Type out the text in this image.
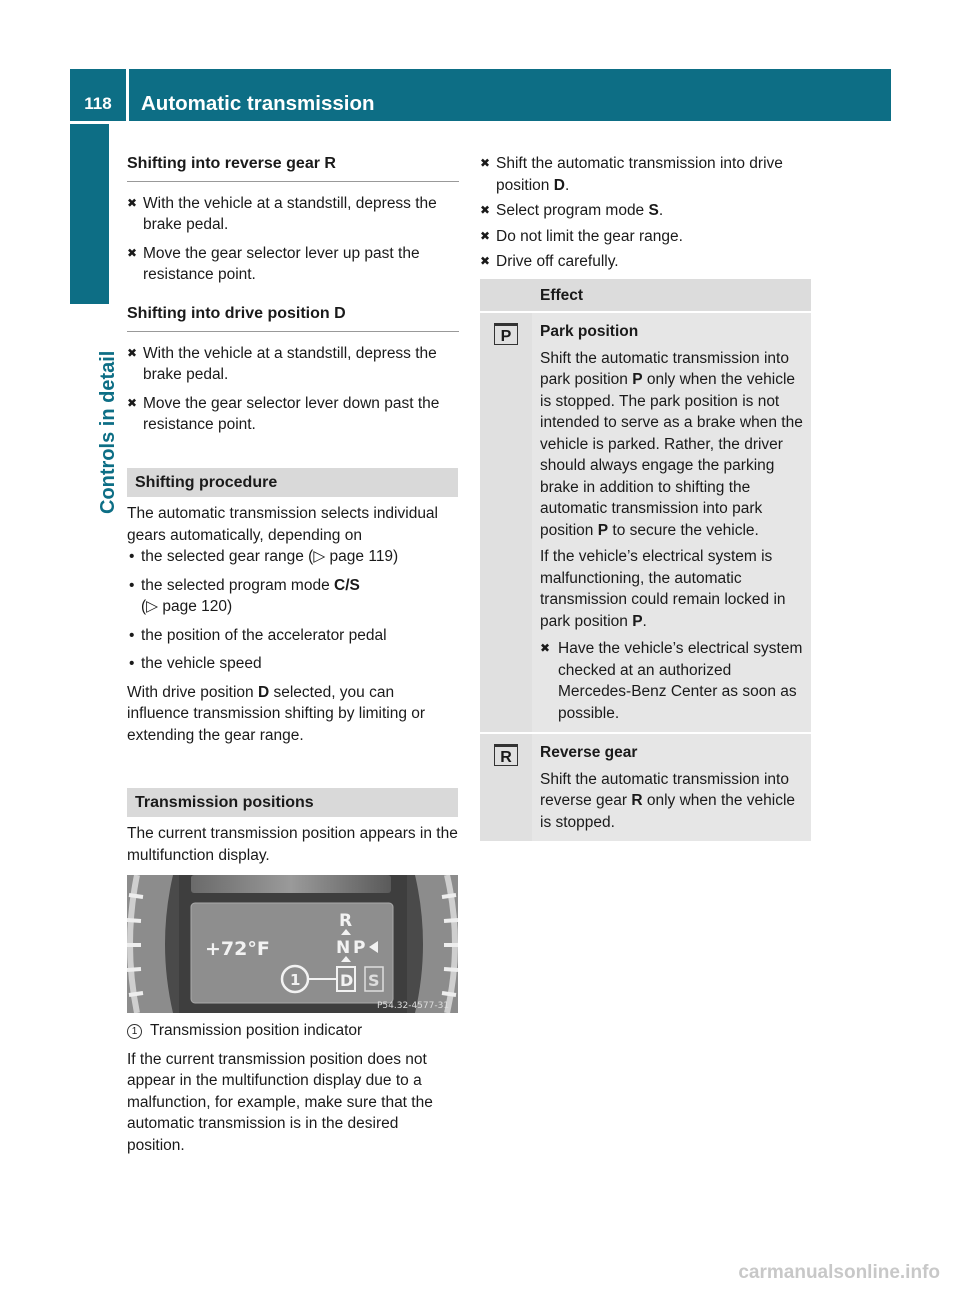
118	Automatic transmission
Controls in detail
Shifting into reverse gear R
✖ With the vehicle at a standstill, depress the brake pedal.
✖ Move the gear selector lever up past the resistance point.
Shifting into drive position D
✖ With the vehicle at a standstill, depress the brake pedal.
✖ Move the gear selector lever down past the resistance point.
Shifting procedure
The automatic transmission selects individual gears automatically, depending on
• the selected gear range (▷ page 119)
• the selected program mode C/S
(▷ page 120)
• the position of the accelerator pedal
• the vehicle speed
With drive position D selected, you can influence transmission shifting by limiting or extending the gear range.
Transmission positions
The current transmission position appears in the multifunction display.
+72°F
R
N P
D S
1
P54.32-4577-31
1 Transmission position indicator
If the current transmission position does not appear in the multifunction display due to a malfunction, for example, make sure that the automatic transmission is in the desired position.
✖ Shift the automatic transmission into drive position D.
✖ Select program mode S.
✖ Do not limit the gear range.
✖ Drive off carefully.
Effect
P	Park position
Shift the automatic transmission into park position P only when the vehicle is stopped. The park position is not intended to serve as a brake when the vehicle is parked. Rather, the driver should always engage the parking brake in addition to shifting the automatic transmission into park position P to secure the vehicle.
If the vehicle’s electrical system is malfunctioning, the automatic transmission could remain locked in park position P.
✖ Have the vehicle’s electrical system checked at an authorized Mercedes-Benz Center as soon as possible.
R	Reverse gear
Shift the automatic transmission into reverse gear R only when the vehicle is stopped.
carmanualsonline.info
